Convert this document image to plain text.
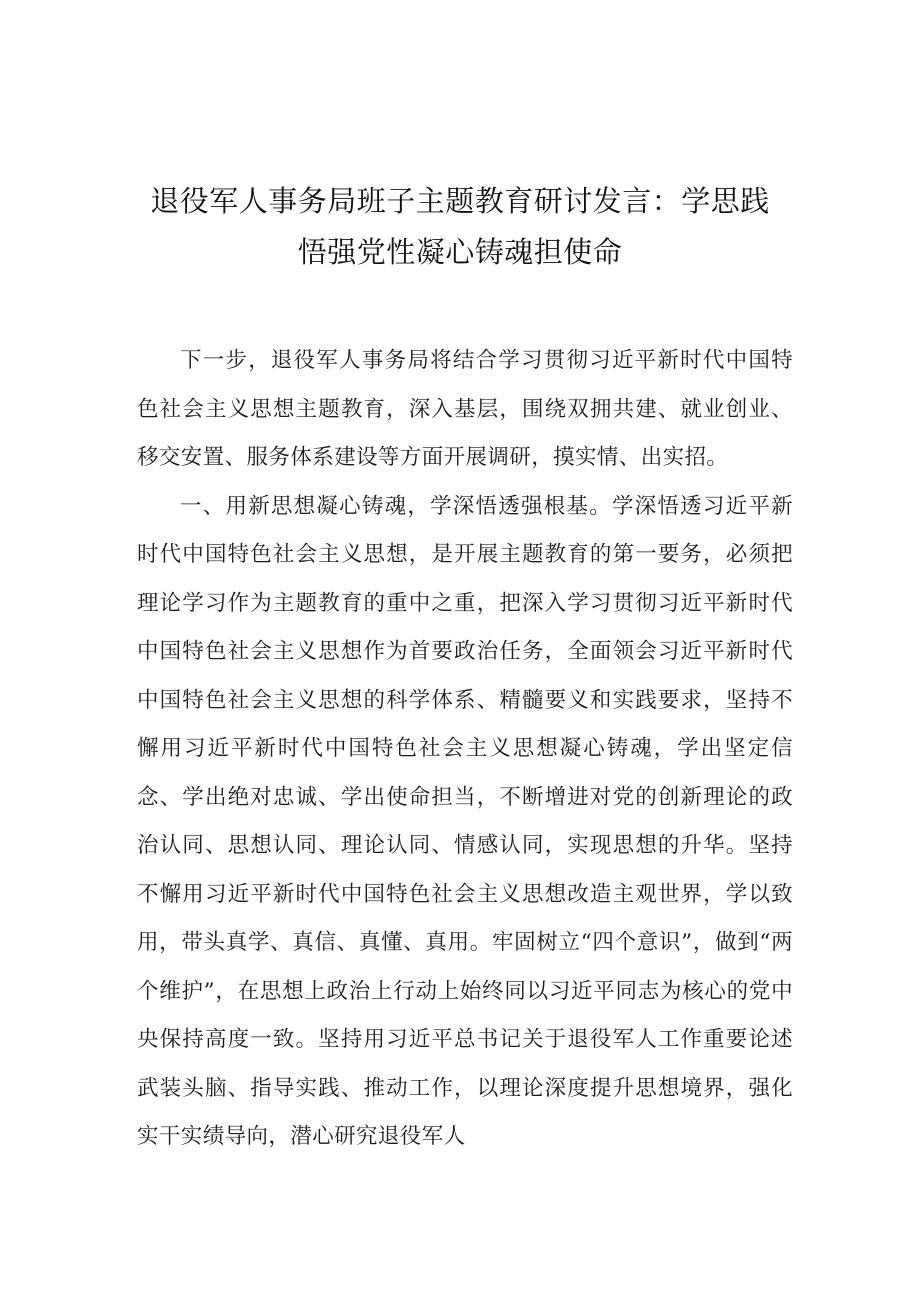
退役军人事务局班子主题教育研讨发言：学思践悟强党性凝心铸魂担使命

下一步，退役军人事务局将结合学习贯彻习近平新时代中国特色社会主义思想主题教育，深入基层，围绕双拥共建、就业创业、移交安置、服务体系建设等方面开展调研，摸实情、出实招。

一、用新思想凝心铸魂，学深悟透强根基。学深悟透习近平新时代中国特色社会主义思想，是开展主题教育的第一要务，必须把理论学习作为主题教育的重中之重，把深入学习贯彻习近平新时代中国特色社会主义思想作为首要政治任务，全面领会习近平新时代中国特色社会主义思想的科学体系、精髓要义和实践要求，坚持不懈用习近平新时代中国特色社会主义思想凝心铸魂，学出坚定信念、学出绝对忠诚、学出使命担当，不断增进对党的创新理论的政治认同、思想认同、理论认同、情感认同，实现思想的升华。坚持不懈用习近平新时代中国特色社会主义思想改造主观世界，学以致用，带头真学、真信、真懂、真用。牢固树立“四个意识”，做到“两个维护”，在思想上政治上行动上始终同以习近平同志为核心的党中央保持高度一致。坚持用习近平总书记关于退役军人工作重要论述武装头脑、指导实践、推动工作，以理论深度提升思想境界，强化实干实绩导向，潜心研究退役军人
